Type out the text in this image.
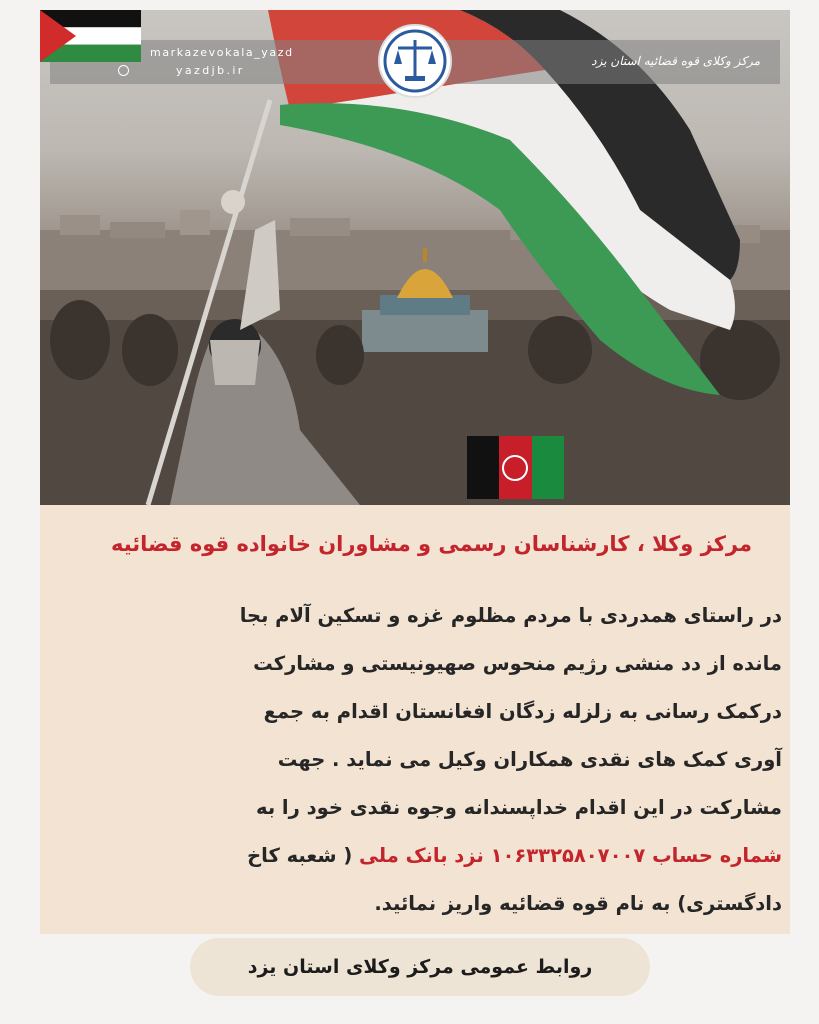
markazevokala_yazd
yazdjb.ir
مرکز وکلای قوه قضائیه استان یزد
مرکز وکلا ، کارشناسان رسمی و مشاوران خانواده قوه قضائیه

در راستای همدردی با مردم مظلوم غزه و تسکین آلام بجا

مانده از دد منشی رژیم منحوس صهیونیستی و مشارکت

درکمک رسانی به زلزله زدگان افغانستان اقدام به جمع

آوری کمک های نقدی همکاران وکیل می نماید . جهت

مشارکت در این اقدام خداپسندانه وجوه نقدی خود را به

شماره حساب ۱۰۶۳۳۲۵۸۰۷۰۰۷ نزد بانک ملی ( شعبه کاخ

دادگستری) به نام قوه قضائیه واریز نمائید.

روابط عمومی مرکز وکلای استان یزد
